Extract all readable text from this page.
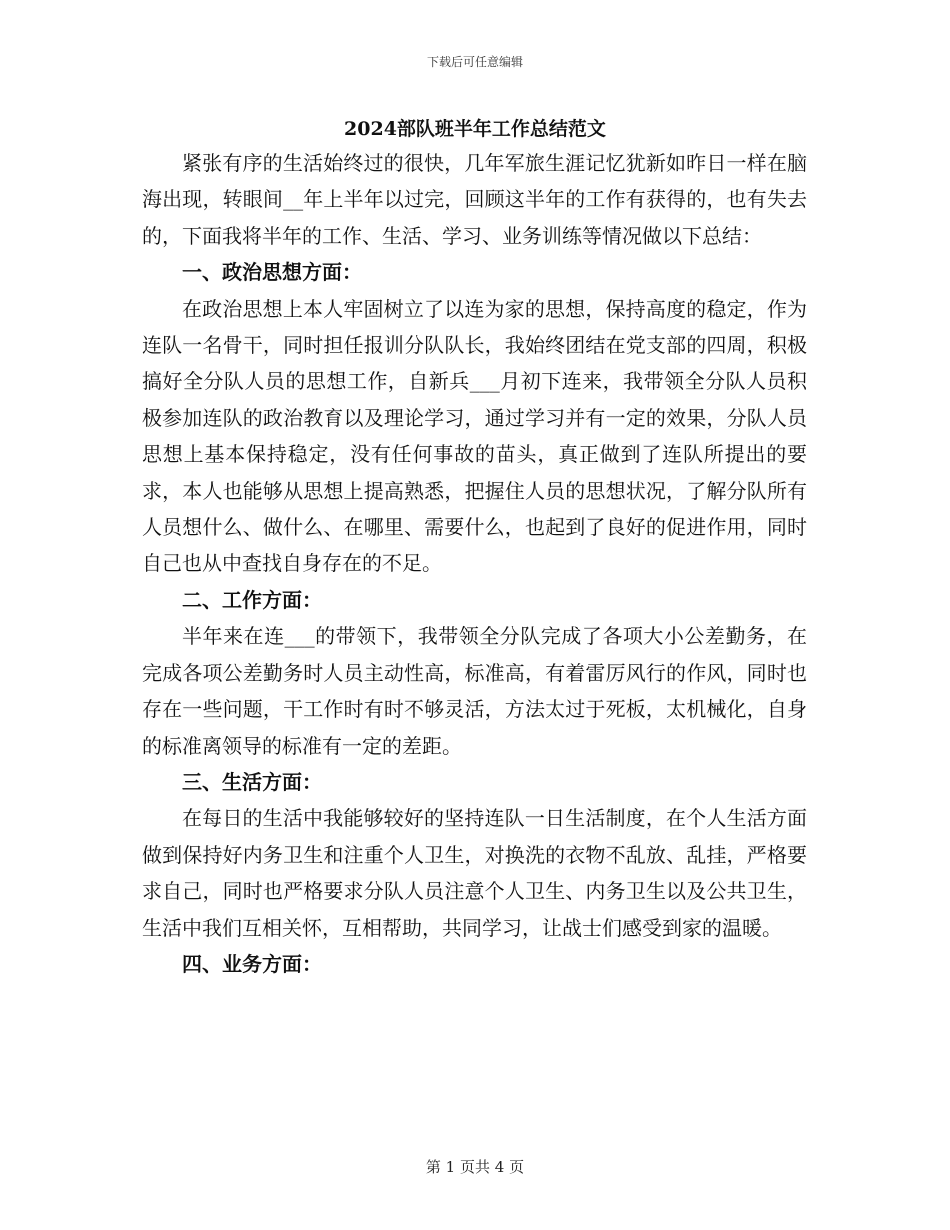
下载后可任意编辑
2024部队班半年工作总结范文

紧张有序的生活始终过的很快，几年军旅生涯记忆犹新如昨日一样在脑海出现，转眼间__年上半年以过完，回顾这半年的工作有获得的，也有失去的，下面我将半年的工作、生活、学习、业务训练等情况做以下总结：

一、政治思想方面：

在政治思想上本人牢固树立了以连为家的思想，保持高度的稳定，作为连队一名骨干，同时担任报训分队队长，我始终团结在党支部的四周，积极搞好全分队人员的思想工作，自新兵___月初下连来，我带领全分队人员积极参加连队的政治教育以及理论学习，通过学习并有一定的效果，分队人员思想上基本保持稳定，没有任何事故的苗头，真正做到了连队所提出的要求，本人也能够从思想上提高熟悉，把握住人员的思想状况，了解分队所有人员想什么、做什么、在哪里、需要什么，也起到了良好的促进作用，同时自己也从中查找自身存在的不足。

二、工作方面：

半年来在连___的带领下，我带领全分队完成了各项大小公差勤务，在完成各项公差勤务时人员主动性高，标准高，有着雷厉风行的作风，同时也存在一些问题，干工作时有时不够灵活，方法太过于死板，太机械化，自身的标准离领导的标准有一定的差距。

三、生活方面：

在每日的生活中我能够较好的坚持连队一日生活制度，在个人生活方面做到保持好内务卫生和注重个人卫生，对换洗的衣物不乱放、乱挂，严格要求自己，同时也严格要求分队人员注意个人卫生、内务卫生以及公共卫生，生活中我们互相关怀，互相帮助，共同学习，让战士们感受到家的温暖。

四、业务方面：

第 1 页共 4 页
